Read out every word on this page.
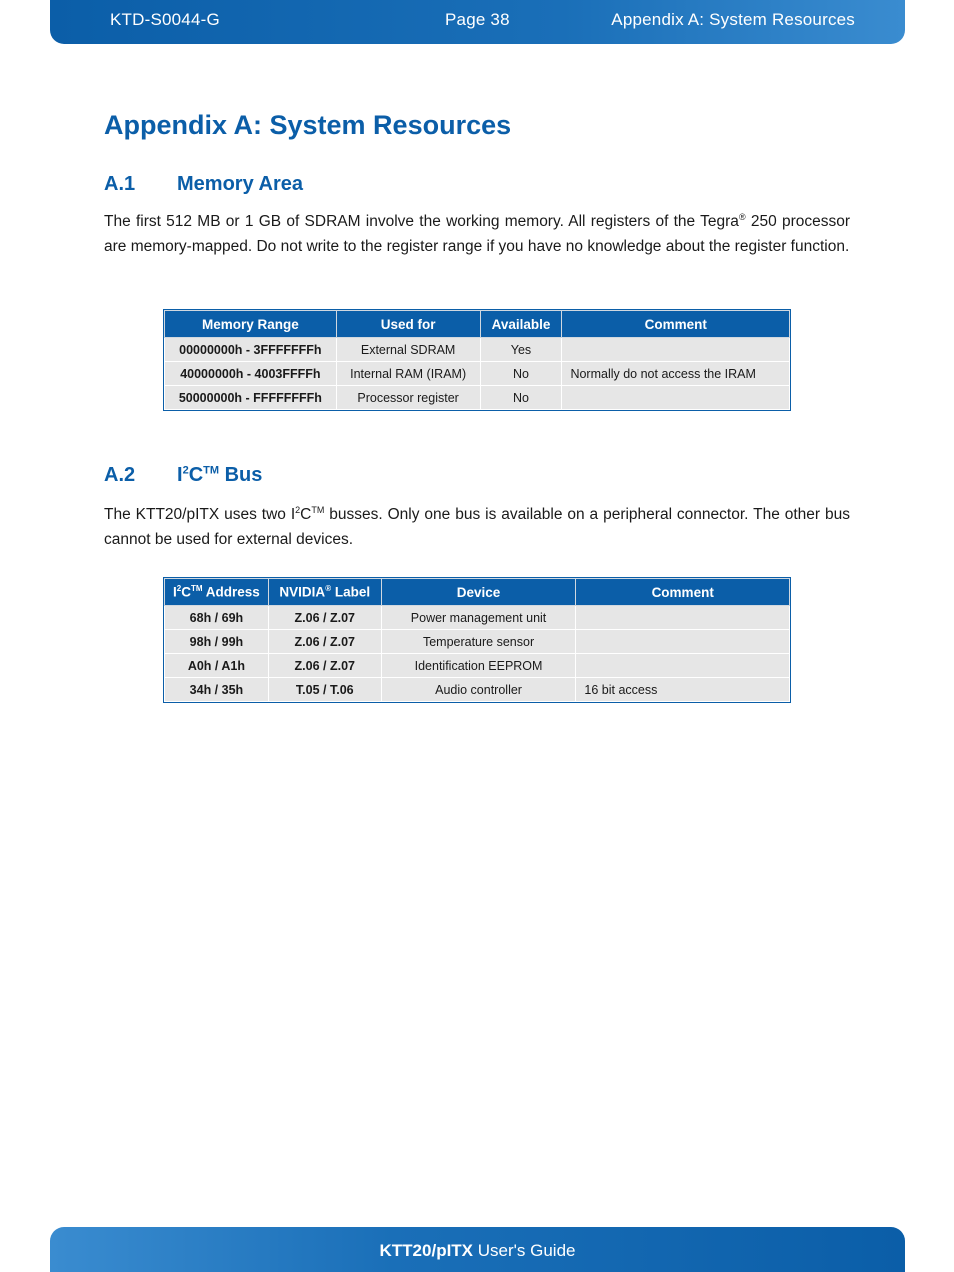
KTD-S0044-G	Page 38	Appendix A: System Resources
Appendix A: System Resources
A.1 Memory Area
The first 512 MB or 1 GB of SDRAM involve the working memory. All registers of the Tegra® 250 processor are memory-mapped. Do not write to the register range if you have no knowledge about the register function.
Memory Range	Used for	Available	Comment
00000000h - 3FFFFFFFh	External SDRAM	Yes	
40000000h - 4003FFFFh	Internal RAM (IRAM)	No	Normally do not access the IRAM
50000000h - FFFFFFFFh	Processor register	No	
A.2 $I^2C™$ Bus
The KTT20/pITX uses two $I^2C™$ busses. Only one bus is available on a peripheral connector. The other bus cannot be used for external devices.
$I^2C™$ Address	NVIDIA® Label	Device	Comment
68h / 69h	Z.06 / Z.07	Power management unit	
98h / 99h	Z.06 / Z.07	Temperature sensor	
A0h / A1h	Z.06 / Z.07	Identification EEPROM	
34h / 35h	T.05 / T.06	Audio controller	16 bit access
KTT20/pITX User's Guide
